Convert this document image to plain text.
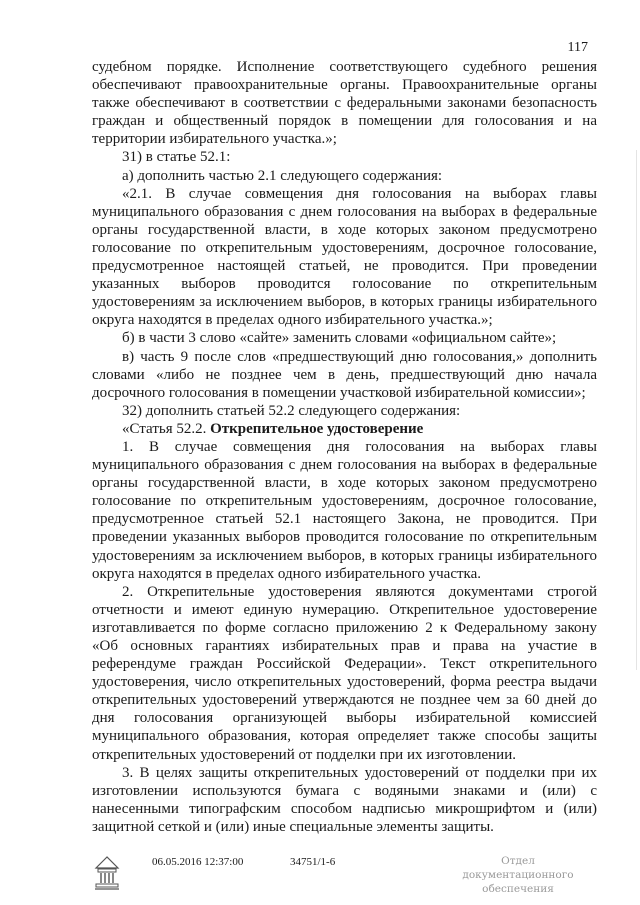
117

судебном порядке. Исполнение соответствующего судебного решения обеспечивают правоохранительные органы. Правоохранительные органы также обеспечивают в соответствии с федеральными законами безопасность граждан и общественный порядок в помещении для голосования и на территории избирательного участка.»;

31) в статье 52.1:

а) дополнить частью 2.1 следующего содержания:

«2.1. В случае совмещения дня голосования на выборах главы муниципального образования с днем голосования на выборах в федеральные органы государственной власти, в ходе которых законом предусмотрено голосование по открепительным удостоверениям, досрочное голосование, предусмотренное настоящей статьей, не проводится. При проведении указанных выборов проводится голосование по открепительным удостоверениям за исключением выборов, в которых границы избирательного округа находятся в пределах одного избирательного участка.»;

б) в части 3 слово «сайте» заменить словами «официальном сайте»;

в) часть 9 после слов «предшествующий дню голосования,» дополнить словами «либо не позднее чем в день, предшествующий дню начала досрочного голосования в помещении участковой избирательной комиссии»;

32) дополнить статьей 52.2 следующего содержания:

«Статья 52.2. Открепительное удостоверение

1. В случае совмещения дня голосования на выборах главы муниципального образования с днем голосования на выборах в федеральные органы государственной власти, в ходе которых законом предусмотрено голосование по открепительным удостоверениям, досрочное голосование, предусмотренное статьей 52.1 настоящего Закона, не проводится. При проведении указанных выборов проводится голосование по открепительным удостоверениям за исключением выборов, в которых границы избирательного округа находятся в пределах одного избирательного участка.

2. Открепительные удостоверения являются документами строгой отчетности и имеют единую нумерацию. Открепительное удостоверение изготавливается по форме согласно приложению 2 к Федеральному закону «Об основных гарантиях избирательных прав и права на участие в референдуме граждан Российской Федерации». Текст открепительного удостоверения, число открепительных удостоверений, форма реестра выдачи открепительных удостоверений утверждаются не позднее чем за 60 дней до дня голосования организующей выборы избирательной комиссией муниципального образования, которая определяет также способы защиты открепительных удостоверений от подделки при их изготовлении.

3. В целях защиты открепительных удостоверений от подделки при их изготовлении используются бумага с водяными знаками и (или) с нанесенными типографским способом надписью микрошрифтом и (или) защитной сеткой и (или) иные специальные элементы защиты.

06.05.2016 12:37:00	34751/1-6	Отдел документационного
обеспечения
